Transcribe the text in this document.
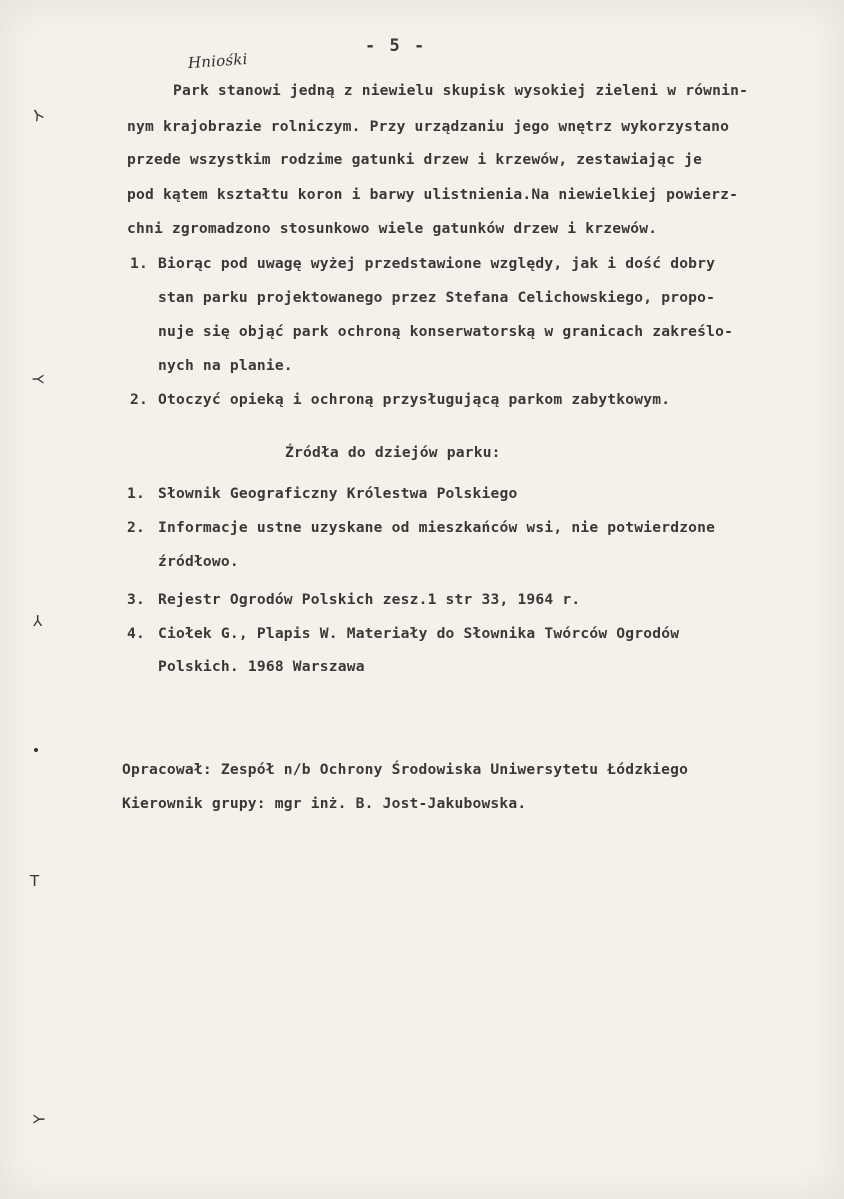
- 5 -
Hniośki
Park stanowi jedną z niewielu skupisk wysokiej zieleni w równin-
nym krajobrazie rolniczym. Przy urządzaniu jego wnętrz wykorzystano
przede wszystkim rodzime gatunki drzew i krzewów, zestawiając je
pod kątem kształtu koron i barwy ulistnienia.Na niewielkiej powierz-
chni zgromadzono stosunkowo wiele gatunków drzew i krzewów.
1. Biorąc pod uwagę wyżej przedstawione względy, jak i dość dobry
stan parku projektowanego przez Stefana Celichowskiego, propo-
nuje się objąć park ochroną konserwatorską w granicach zakreślo-
nych na planie.
2. Otoczyć opieką i ochroną przysługującą parkom zabytkowym.
Źródła do dziejów parku:
1. Słownik Geograficzny Królestwa Polskiego
2. Informacje ustne uzyskane od mieszkańców wsi, nie potwierdzone
źródłowo.
3. Rejestr Ogrodów Polskich zesz.1 str 33, 1964 r.
4. Ciołek G., Plapis W. Materiały do Słownika Twórców Ogrodów
Polskich. 1968 Warszawa
Opracował: Zespół n/b Ochrony Środowiska Uniwersytetu Łódzkiego
Kierownik grupy: mgr inż. B. Jost-Jakubowska.
⅄
⅄
⅄
T
⅄
